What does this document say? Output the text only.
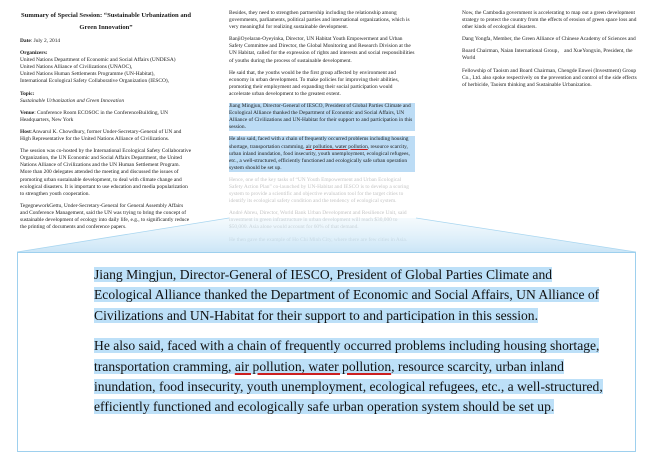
Summary of Special Session: “Sustainable Urbanization and Green Innovation”

Date: July 2, 2014

Organizers:
United Nations Department of Economic and Social Affairs (UNDESA)
United Nations Alliance of Civilizations (UNAOC),
United Nations Human Settlements Programme (UN-Habitat),
International Ecological Safety Collaborative Organization (IESCO),

Topic:
Sustainable Urbanization and Green Innovation

Venue: Conference Room ECOSOC in the ConferenceBuilding, UN Headquarters, New York

Host:Anwarul K. Chowdhury, former Under-Secretary-General of UN and High Representative for the United Nations Alliance of Civilizations.

The session was co-hosted by the International Ecological Safety Collaborative Organization, the UN Economic and Social Affairs Department, the United Nations Alliance of Civilizations and the UN Human Settlement Program. More than 200 delegates attended the meeting and discussed the issues of promoting urban sustainable development, to deal with climate change and ecological disasters. It is important to use education and media popularization to strengthen youth cooperation.

TegegneworkGettu, Under-Secretary-General for General Assembly Affairs and Conference Management, said the UN was trying to bring the concept of sustainable development of ecology into daily life, e.g., to significantly reduce the printing of documents and conference papers.

Besides, they need to strengthen partnership including the relationship among governments, parliaments, political parties and international organizations, which is very meaningful for realizing sustainable development.

BanjiOyelaran-Oyeyinka, Director, UN Habitat Youth Empowerment and Urban Safety Committee and Director, the Global Monitoring and Research Division at the UN Habitat, called for the expression of rights and interests and social responsibilities of youths during the process of sustainable development.

He said that, the youths would be the first group affected by environment and economy in urban development. To make policies for improving their abilities, promoting their employment and expanding their social participation would accelerate urban development to the greatest extent.

Jiang Mingjun, Director-General of IESCO, President of Global Parties Climate and Ecological Alliance thanked the Department of Economic and Social Affairs, UN Alliance of Civilizations and UN-Habitat for their support to and participation in this session.

He also said, faced with a chain of frequently occurred problems including housing shortage, transportation cramming, air pollution, water pollution, resource scarcity, urban inland inundation, food insecurity, youth unemployment, ecological refugees, etc., a well-structured, efficiently functioned and ecologically safe urban operation system should be set up.

Hence, one of the key tasks of “UN Youth Empowerment and Urban Ecological Safety Action Plan” co-launched by UN-Habitat and IESCO is to develop a scoring system to provide a scientific and objective evaluation tool for the target cities to identify its ecological safety condition and the tendency of ecological system.

André Abreu, Director, World Bank Urban Development and Resilience Unit, said

Now, the Cambodia government is accelerating to map out a green development strategy to protect the country from the effects of erosion of green space loss and other kinds of ecological disasters.

Dang Yongfa, Member, the Green Alliance of Chinese Academy of Sciences and

Board Chairman, Naian International Group， and XueYongxin, President, the World

Fellowship of Taoism and Board Chairman, Chengde Enwei (Investment) Group Co., Ltd. also spoke respectively on the prevention and control of the side effects of herbicide, Taoism thinking and Sustainable Urbanization.

Jiang Mingjun, Director-General of IESCO, President of Global Parties Climate and Ecological Alliance thanked the Department of Economic and Social Affairs, UN Alliance of Civilizations and UN-Habitat for their support to and participation in this session.

He also said, faced with a chain of frequently occurred problems including housing shortage, transportation cramming, air pollution, water pollution, resource scarcity, urban inland inundation, food insecurity, youth unemployment, ecological refugees, etc., a well-structured, efficiently functioned and ecologically safe urban operation system should be set up.
